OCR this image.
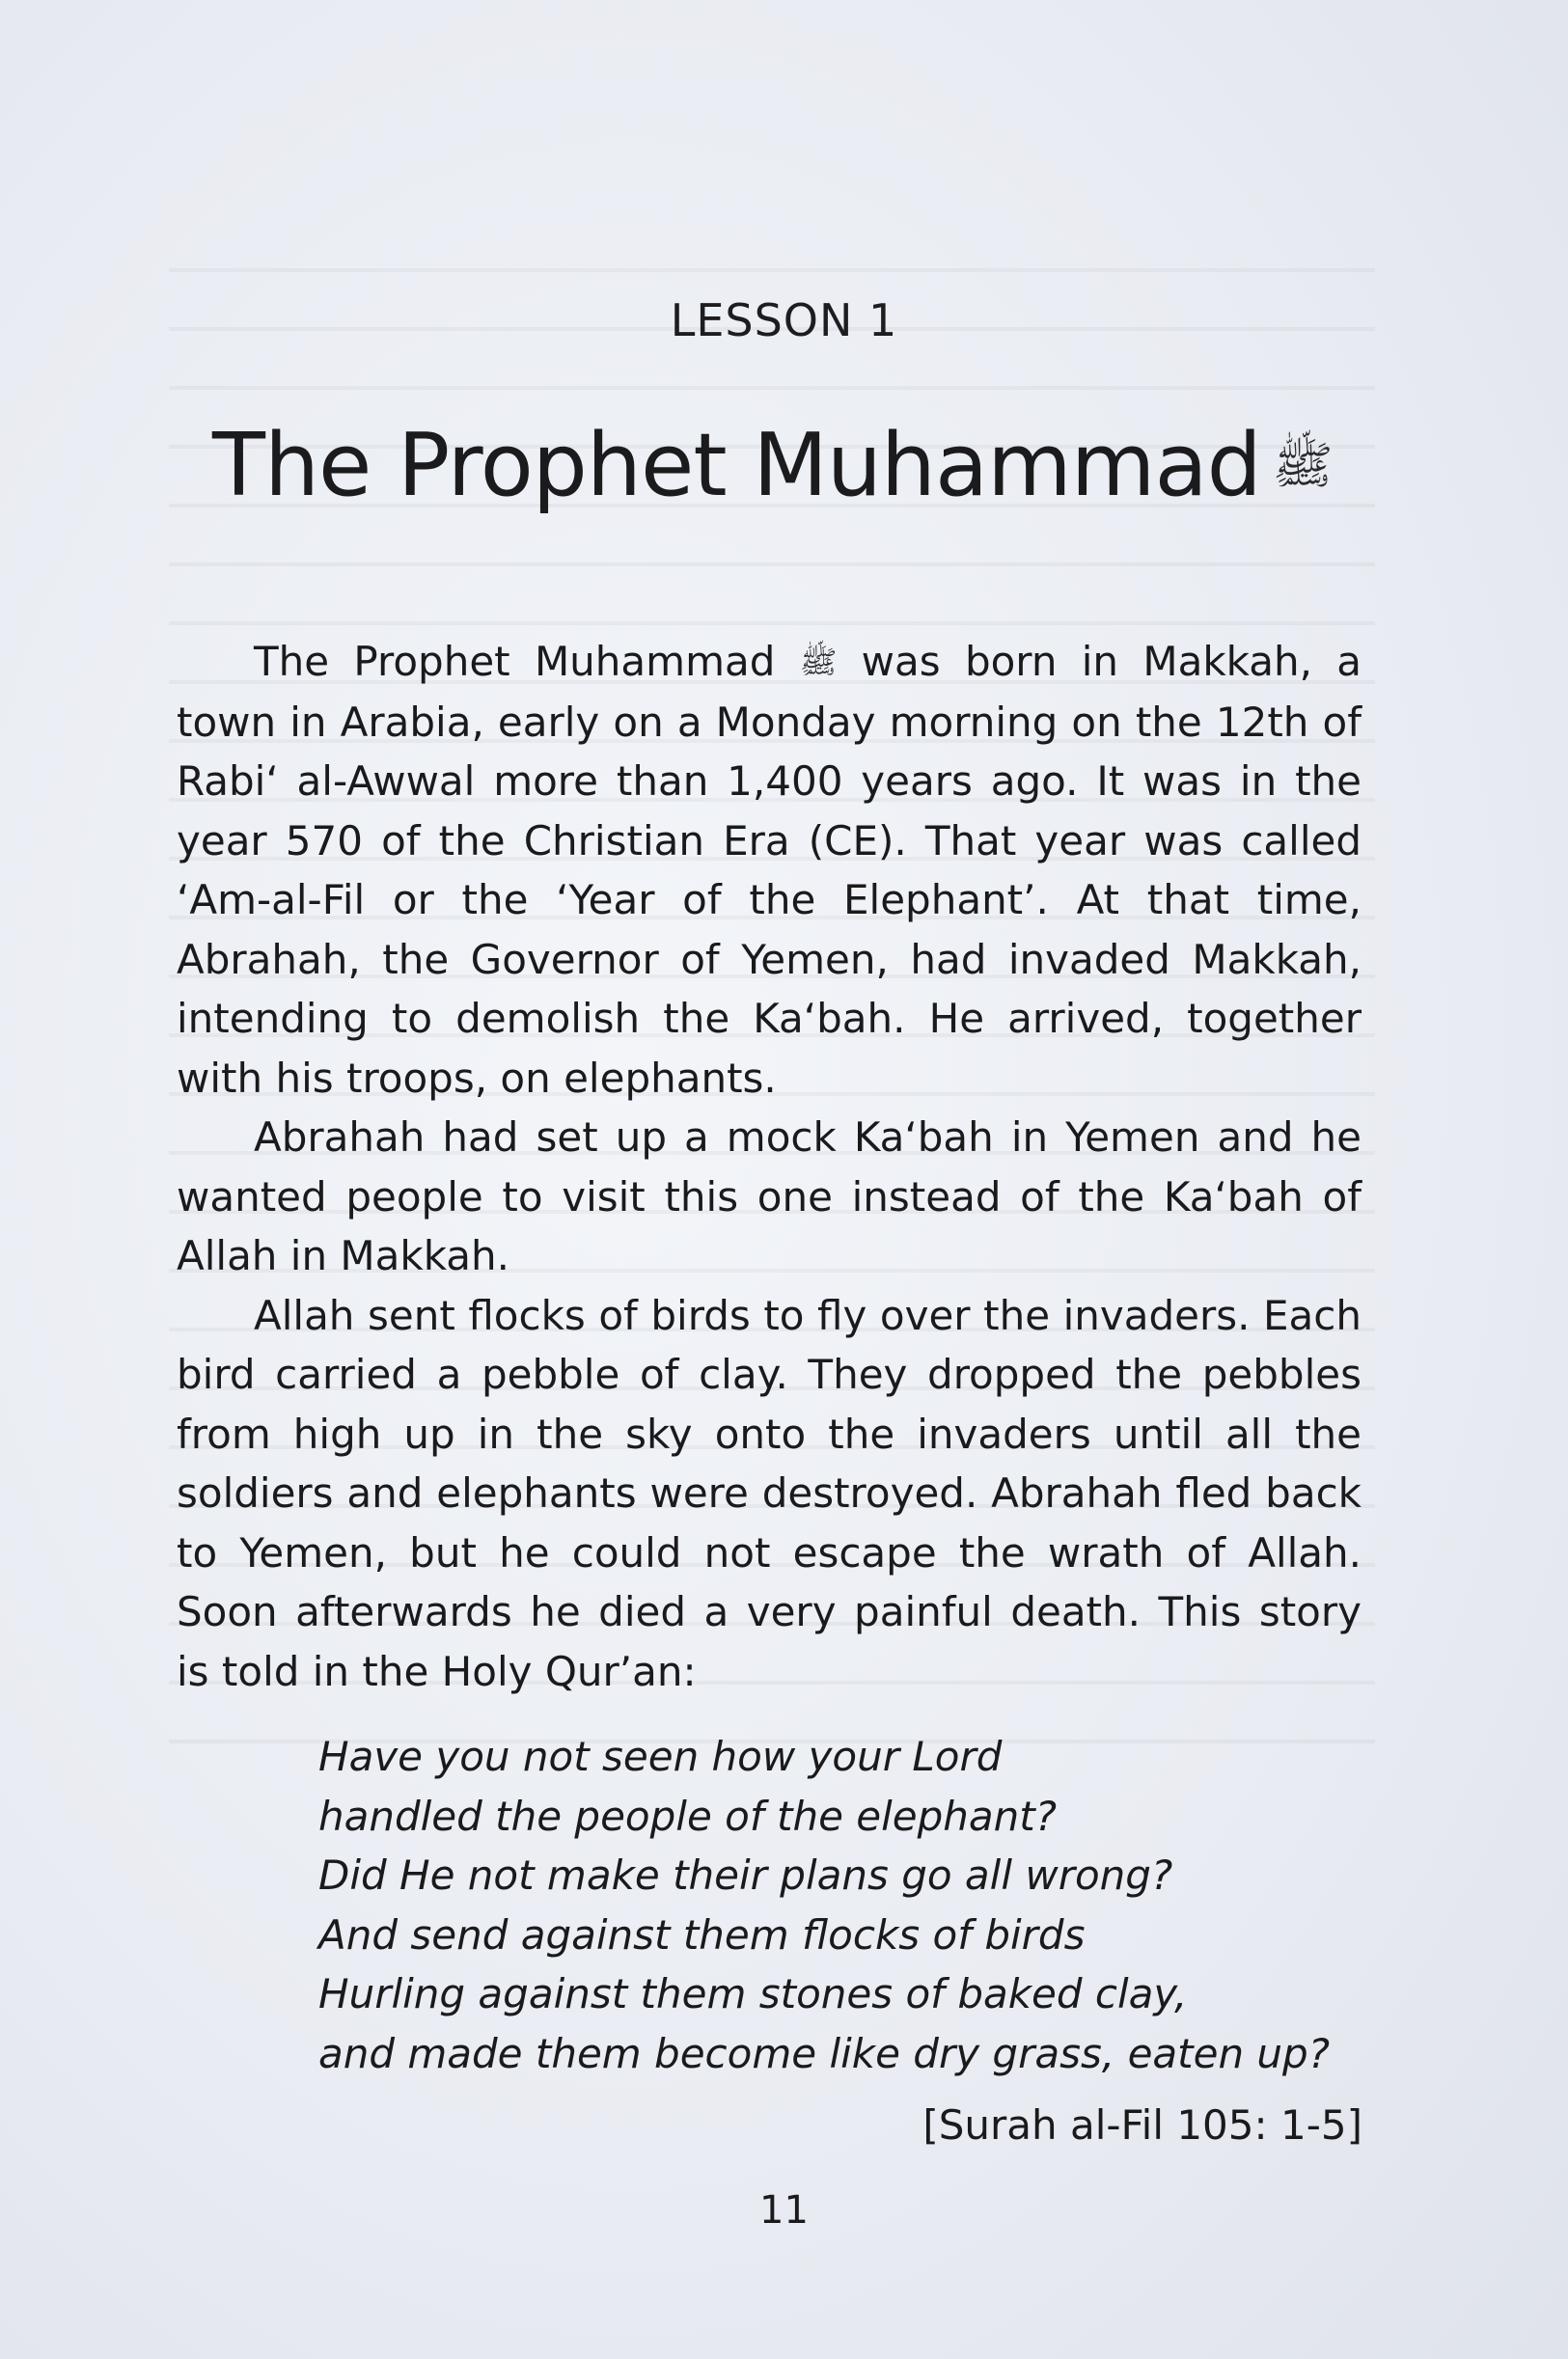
LESSON 1
The Prophet Muhammad ﷺ

The Prophet Muhammad ﷺ was born in Makkah, a town in Arabia, early on a Monday morning on the 12th of Rabi‘ al-Awwal more than 1,400 years ago. It was in the year 570 of the Christian Era (CE). That year was called ‘Am-al-Fil or the ‘Year of the Elephant’. At that time, Abrahah, the Governor of Yemen, had invaded Makkah, intending to demolish the Ka‘bah. He arrived, together with his troops, on elephants.

Abrahah had set up a mock Ka‘bah in Yemen and he wanted people to visit this one instead of the Ka‘bah of Allah in Makkah.

Allah sent flocks of birds to fly over the invaders. Each bird carried a pebble of clay. They dropped the pebbles from high up in the sky onto the invaders until all the soldiers and elephants were destroyed. Abrahah fled back to Yemen, but he could not escape the wrath of Allah. Soon afterwards he died a very painful death. This story is told in the Holy Qur’an:

Have you not seen how your Lord
handled the people of the elephant?
Did He not make their plans go all wrong?
And send against them flocks of birds
Hurling against them stones of baked clay,
and made them become like dry grass, eaten up?
[Surah al-Fil 105: 1-5]
11
